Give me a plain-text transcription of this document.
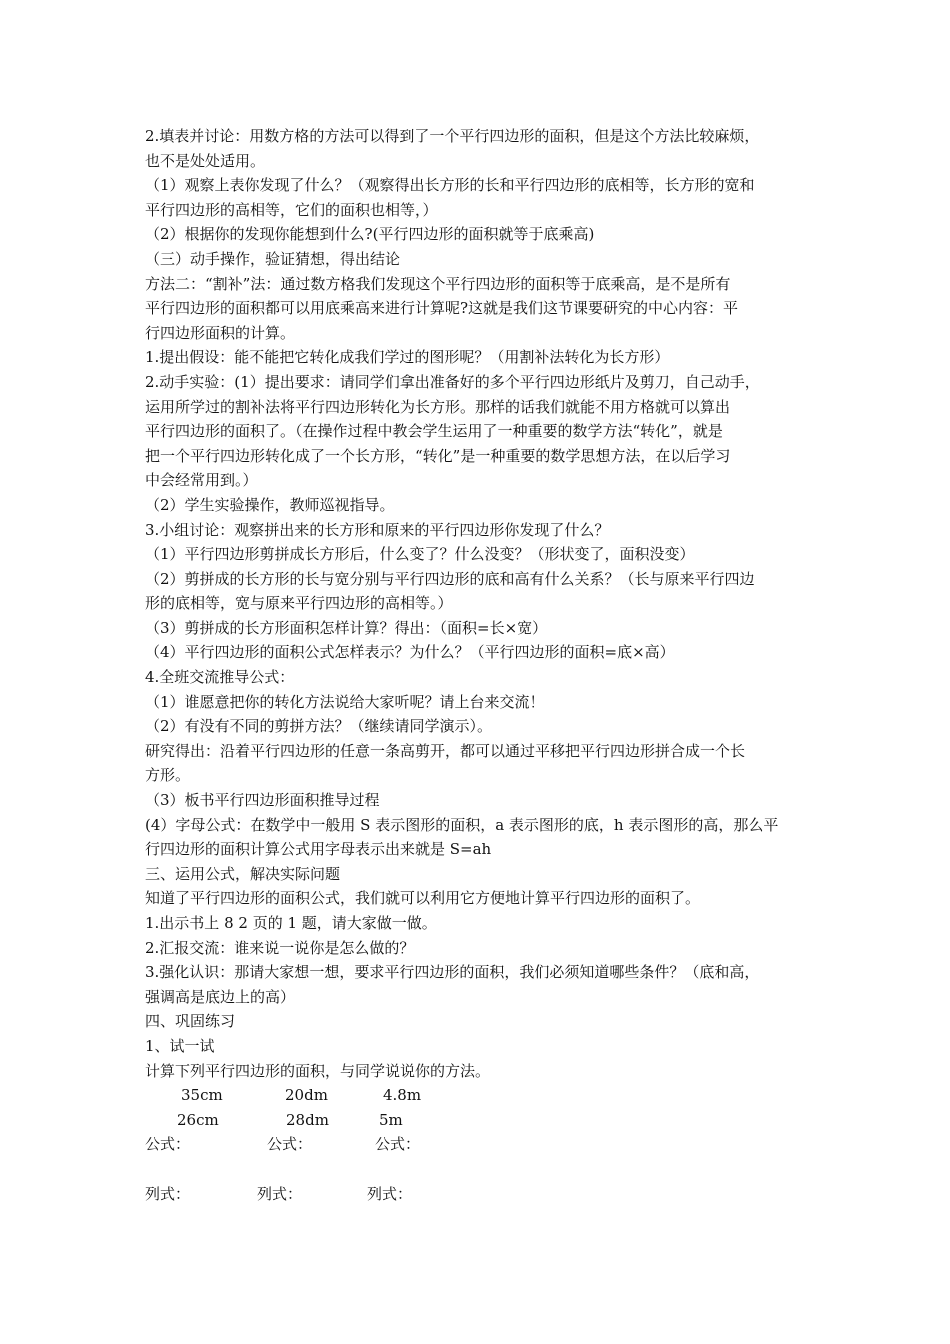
2.填表并讨论：用数方格的方法可以得到了一个平行四边形的面积，但是这个方法比较麻烦，

也不是处处适用。

（1）观察上表你发现了什么？（观察得出长方形的长和平行四边形的底相等，长方形的宽和

平行四边形的高相等，它们的面积也相等，）

（2）根据你的发现你能想到什么?(平行四边形的面积就等于底乘高)

（三）动手操作，验证猜想，得出结论

方法二：“割补”法：通过数方格我们发现这个平行四边形的面积等于底乘高，是不是所有

平行四边形的面积都可以用底乘高来进行计算呢?这就是我们这节课要研究的中心内容：平

行四边形面积的计算。

1.提出假设：能不能把它转化成我们学过的图形呢？（用割补法转化为长方形）

2.动手实验：(1）提出要求：请同学们拿出准备好的多个平行四边形纸片及剪刀，自己动手，

运用所学过的割补法将平行四边形转化为长方形。那样的话我们就能不用方格就可以算出

平行四边形的面积了。（在操作过程中教会学生运用了一种重要的数学方法“转化”，就是

把一个平行四边形转化成了一个长方形，“转化”是一种重要的数学思想方法，在以后学习

中会经常用到。）

（2）学生实验操作，教师巡视指导。

3.小组讨论：观察拼出来的长方形和原来的平行四边形你发现了什么？

（1）平行四边形剪拼成长方形后，什么变了？什么没变？（形状变了，面积没变）

（2）剪拼成的长方形的长与宽分别与平行四边形的底和高有什么关系？（长与原来平行四边

形的底相等，宽与原来平行四边形的高相等。）

（3）剪拼成的长方形面积怎样计算？得出：（面积=长×宽）

（4）平行四边形的面积公式怎样表示？为什么？（平行四边形的面积=底×高）

4.全班交流推导公式：

（1）谁愿意把你的转化方法说给大家听呢？请上台来交流！

（2）有没有不同的剪拼方法？（继续请同学演示）。

研究得出：沿着平行四边形的任意一条高剪开，都可以通过平移把平行四边形拼合成一个长

方形。

（3）板书平行四边形面积推导过程

(4）字母公式：在数学中一般用 S 表示图形的面积，a 表示图形的底，h 表示图形的高，那么平

行四边形的面积计算公式用字母表示出来就是 S=ah

三、运用公式，解决实际问题

知道了平行四边形的面积公式，我们就可以利用它方便地计算平行四边形的面积了。

1.出示书上 8 2 页的 1 题，请大家做一做。

2.汇报交流：谁来说一说你是怎么做的？

3.强化认识：那请大家想一想，要求平行四边形的面积，我们必须知道哪些条件？（底和高，

强调高是底边上的高）

四、巩固练习

1、试一试

计算下列平行四边形的面积，与同学说说你的方法。

35cm	20dm	4.8m
26cm	28dm	5m
公式：	公式：	公式：
列式：	列式：	列式：
